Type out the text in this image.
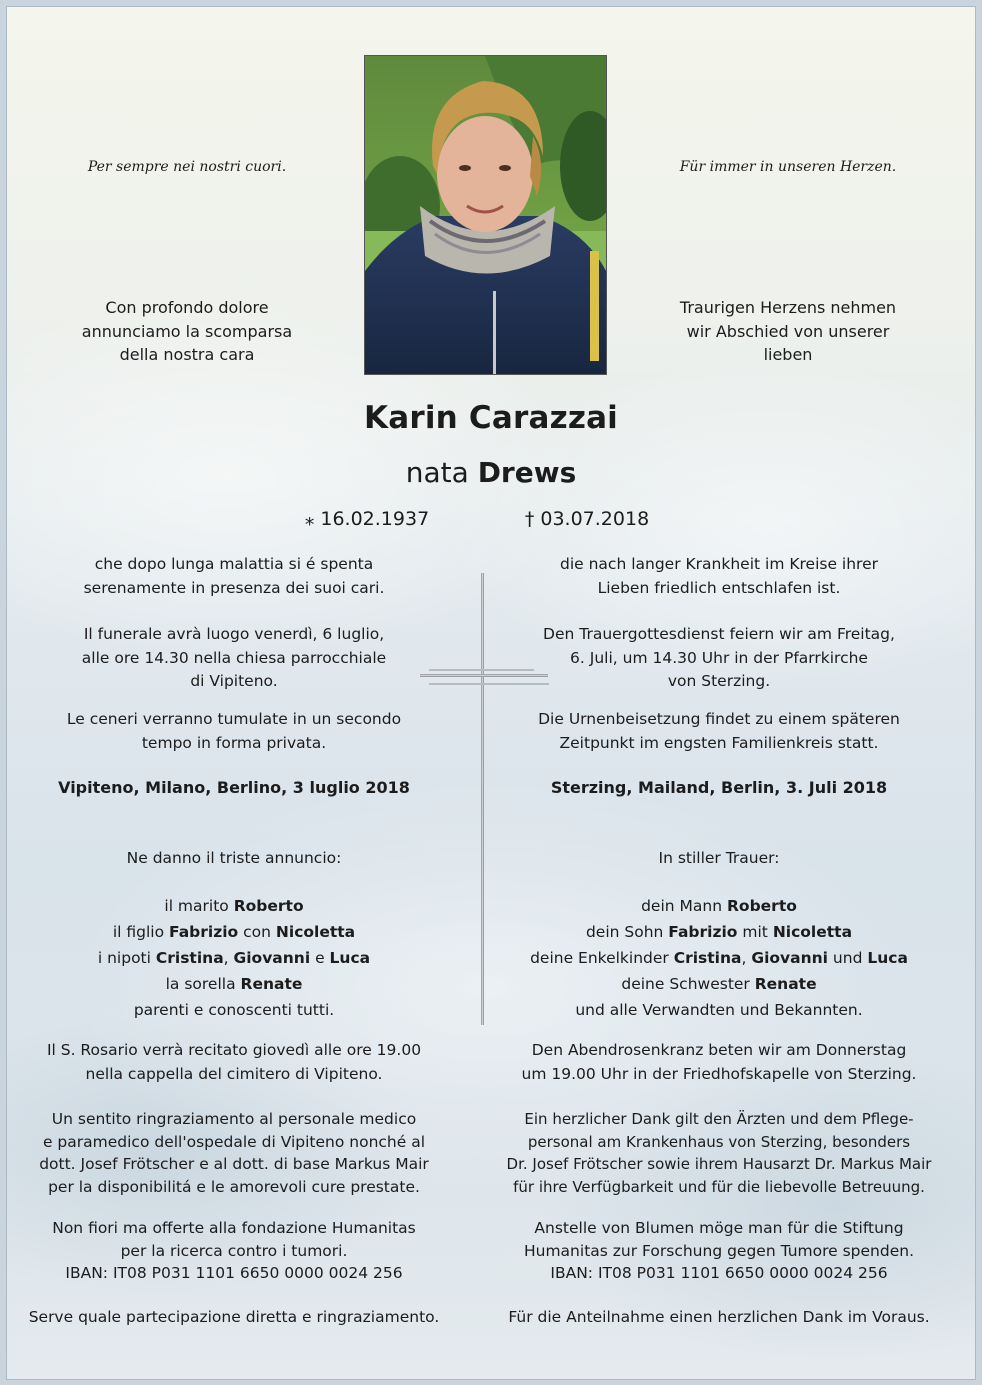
Per sempre nei nostri cuori.	Für immer in unseren Herzen.
Con profondo dolore
annunciamo la scomparsa
della nostra cara
Traurigen Herzens nehmen
wir Abschied von unserer
lieben
Karin Carazzai
nata Drews
⁎ 16.02.1937	† 03.07.2018
che dopo lunga malattia si é spenta
serenamente in presenza dei suoi cari.
Il funerale avrà luogo venerdì, 6 luglio,
alle ore 14.30 nella chiesa parrocchiale
di Vipiteno.
Le ceneri verranno tumulate in un secondo
tempo in forma privata.
Vipiteno, Milano, Berlino, 3 luglio 2018
Ne danno il triste annuncio:
il marito Roberto
il figlio Fabrizio con Nicoletta
i nipoti Cristina, Giovanni e Luca
la sorella Renate
parenti e conoscenti tutti.
Il S. Rosario verrà recitato giovedì alle ore 19.00
nella cappella del cimitero di Vipiteno.
Un sentito ringraziamento al personale medico
e paramedico dell'ospedale di Vipiteno nonché al
dott. Josef Frötscher e al dott. di base Markus Mair
per la disponibilitá e le amorevoli cure prestate.
Non fiori ma offerte alla fondazione Humanitas
per la ricerca contro i tumori.
IBAN: IT08 P031 1101 6650 0000 0024 256
Serve quale partecipazione diretta e ringraziamento.
die nach langer Krankheit im Kreise ihrer
Lieben friedlich entschlafen ist.
Den Trauergottesdienst feiern wir am Freitag,
6. Juli, um 14.30 Uhr in der Pfarrkirche
von Sterzing.
Die Urnenbeisetzung findet zu einem späteren
Zeitpunkt im engsten Familienkreis statt.
Sterzing, Mailand, Berlin, 3. Juli 2018
In stiller Trauer:
dein Mann Roberto
dein Sohn Fabrizio mit Nicoletta
deine Enkelkinder Cristina, Giovanni und Luca
deine Schwester Renate
und alle Verwandten und Bekannten.
Den Abendrosenkranz beten wir am Donnerstag
um 19.00 Uhr in der Friedhofskapelle von Sterzing.
Ein herzlicher Dank gilt den Ärzten und dem Pflege-
personal am Krankenhaus von Sterzing, besonders
Dr. Josef Frötscher sowie ihrem Hausarzt Dr. Markus Mair
für ihre Verfügbarkeit und für die liebevolle Betreuung.
Anstelle von Blumen möge man für die Stiftung
Humanitas zur Forschung gegen Tumore spenden.
IBAN: IT08 P031 1101 6650 0000 0024 256
Für die Anteilnahme einen herzlichen Dank im Voraus.
